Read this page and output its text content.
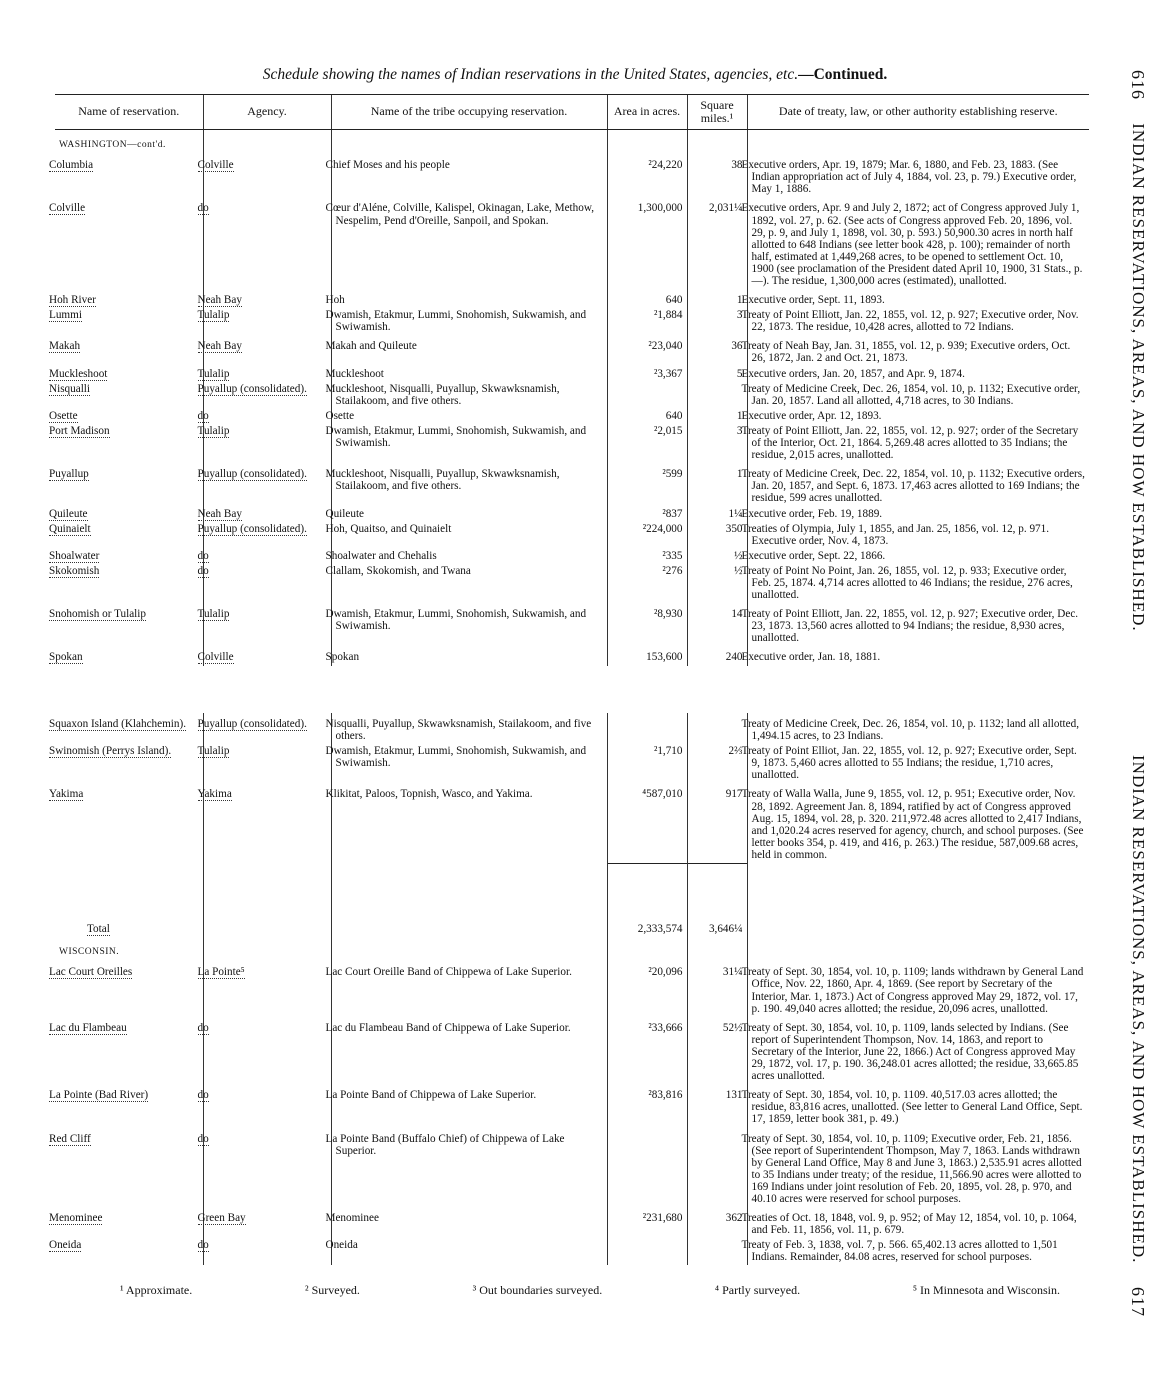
Schedule showing the names of Indian reservations in the United States, agencies, etc.—Continued.	616 INDIAN RESERVATIONS, AREAS, AND HOW ESTABLISHED.
INDIAN RESERVATIONS, AREAS, AND HOW ESTABLISHED. 617
Name of reservation.	Agency.	Name of the tribe occupying reservation.	Area in acres.	Square miles.¹	Date of treaty, law, or other authority establishing reserve.
WASHINGTON—cont'd.					
Columbia	Colville	Chief Moses and his people	²24,220	38	Executive orders, Apr. 19, 1879; Mar. 6, 1880, and Feb. 23, 1883. (See Indian appropriation act of July 4, 1884, vol. 23, p. 79.) Executive order, May 1, 1886.
Colville	do	Cœur d'Aléne, Colville, Kalispel, Okinagan, Lake, Methow, Nespelim, Pend d'Oreille, Sanpoil, and Spokan.	1,300,000	2,031¼	Executive orders, Apr. 9 and July 2, 1872; act of Congress approved July 1, 1892, vol. 27, p. 62. (See acts of Congress approved Feb. 20, 1896, vol. 29, p. 9, and July 1, 1898, vol. 30, p. 593.) 50,900.30 acres in north half allotted to 648 Indians (see letter book 428, p. 100); remainder of north half, estimated at 1,449,268 acres, to be opened to settlement Oct. 10, 1900 (see proclamation of the President dated April 10, 1900, 31 Stats., p. —). The residue, 1,300,000 acres (estimated), unallotted.
Hoh River	Neah Bay	Hoh	640	1	Executive order, Sept. 11, 1893.
Lummi	Tulalip	Dwamish, Etakmur, Lummi, Snohomish, Sukwamish, and Swiwamish.	²1,884	3	Treaty of Point Elliott, Jan. 22, 1855, vol. 12, p. 927; Executive order, Nov. 22, 1873. The residue, 10,428 acres, allotted to 72 Indians.
Makah	Neah Bay	Makah and Quileute	²23,040	36	Treaty of Neah Bay, Jan. 31, 1855, vol. 12, p. 939; Executive orders, Oct. 26, 1872, Jan. 2 and Oct. 21, 1873.
Muckleshoot	Tulalip	Muckleshoot	²3,367	5	Executive orders, Jan. 20, 1857, and Apr. 9, 1874.
Nisqualli	Puyallup (consolidated).	Muckleshoot, Nisqualli, Puyallup, Skwawksnamish, Stailakoom, and five others.			Treaty of Medicine Creek, Dec. 26, 1854, vol. 10, p. 1132; Executive order, Jan. 20, 1857. Land all allotted, 4,718 acres, to 30 Indians.
Osette	do	Osette	640	1	Executive order, Apr. 12, 1893.
Port Madison	Tulalip	Dwamish, Etakmur, Lummi, Snohomish, Sukwamish, and Swiwamish.	²2,015	3	Treaty of Point Elliott, Jan. 22, 1855, vol. 12, p. 927; order of the Secretary of the Interior, Oct. 21, 1864. 5,269.48 acres allotted to 35 Indians; the residue, 2,015 acres, unallotted.
Puyallup	Puyallup (consolidated).	Muckleshoot, Nisqualli, Puyallup, Skwawksnamish, Stailakoom, and five others.	²599	1	Treaty of Medicine Creek, Dec. 22, 1854, vol. 10, p. 1132; Executive orders, Jan. 20, 1857, and Sept. 6, 1873. 17,463 acres allotted to 169 Indians; the residue, 599 acres unallotted.
Quileute	Neah Bay	Quileute	²837	1¼	Executive order, Feb. 19, 1889.
Quinaielt	Puyallup (consolidated).	Hoh, Quaitso, and Quinaielt	²224,000	350	Treaties of Olympia, July 1, 1855, and Jan. 25, 1856, vol. 12, p. 971. Executive order, Nov. 4, 1873.
Shoalwater	do	Shoalwater and Chehalis	²335	½	Executive order, Sept. 22, 1866.
Skokomish	do	Clallam, Skokomish, and Twana	²276	½	Treaty of Point No Point, Jan. 26, 1855, vol. 12, p. 933; Executive order, Feb. 25, 1874. 4,714 acres allotted to 46 Indians; the residue, 276 acres, unallotted.
Snohomish or Tulalip	Tulalip	Dwamish, Etakmur, Lummi, Snohomish, Sukwamish, and Swiwamish.	²8,930	14	Treaty of Point Elliott, Jan. 22, 1855, vol. 12, p. 927; Executive order, Dec. 23, 1873. 13,560 acres allotted to 94 Indians; the residue, 8,930 acres, unallotted.
Spokan	Colville	Spokan	153,600	240	Executive order, Jan. 18, 1881.
Squaxon Island (Klahchemin).	Puyallup (consolidated).	Nisqualli, Puyallup, Skwawksnamish, Stailakoom, and five others.			Treaty of Medicine Creek, Dec. 26, 1854, vol. 10, p. 1132; land all allotted, 1,494.15 acres, to 23 Indians.
Swinomish (Perrys Island).	Tulalip	Dwamish, Etakmur, Lummi, Snohomish, Sukwamish, and Swiwamish.	²1,710	2⅔	Treaty of Point Elliot, Jan. 22, 1855, vol. 12, p. 927; Executive order, Sept. 9, 1873. 5,460 acres allotted to 55 Indians; the residue, 1,710 acres, unallotted.
Yakima	Yakima	Klikitat, Paloos, Topnish, Wasco, and Yakima.	⁴587,010	917	Treaty of Walla Walla, June 9, 1855, vol. 12, p. 951; Executive order, Nov. 28, 1892. Agreement Jan. 8, 1894, ratified by act of Congress approved Aug. 15, 1894, vol. 28, p. 320. 211,972.48 acres allotted to 2,417 Indians, and 1,020.24 acres reserved for agency, church, and school purposes. (See letter books 354, p. 419, and 416, p. 263.) The residue, 587,009.68 acres, held in common.
Total			2,333,574	3,646¼	
WISCONSIN.					
Lac Court Oreilles	La Pointe⁵	Lac Court Oreille Band of Chippewa of Lake Superior.	²20,096	31¼	Treaty of Sept. 30, 1854, vol. 10, p. 1109; lands withdrawn by General Land Office, Nov. 22, 1860, Apr. 4, 1869. (See report by Secretary of the Interior, Mar. 1, 1873.) Act of Congress approved May 29, 1872, vol. 17, p. 190. 49,040 acres allotted; the residue, 20,096 acres, unallotted.
Lac du Flambeau	do	Lac du Flambeau Band of Chippewa of Lake Superior.	²33,666	52½	Treaty of Sept. 30, 1854, vol. 10, p. 1109, lands selected by Indians. (See report of Superintendent Thompson, Nov. 14, 1863, and report to Secretary of the Interior, June 22, 1866.) Act of Congress approved May 29, 1872, vol. 17, p. 190. 36,248.01 acres allotted; the residue, 33,665.85 acres unallotted.
La Pointe (Bad River)	do	La Pointe Band of Chippewa of Lake Superior.	²83,816	131	Treaty of Sept. 30, 1854, vol. 10, p. 1109. 40,517.03 acres allotted; the residue, 83,816 acres, unallotted. (See letter to General Land Office, Sept. 17, 1859, letter book 381, p. 49.)
Red Cliff	do	La Pointe Band (Buffalo Chief) of Chippewa of Lake Superior.			Treaty of Sept. 30, 1854, vol. 10, p. 1109; Executive order, Feb. 21, 1856. (See report of Superintendent Thompson, May 7, 1863. Lands withdrawn by General Land Office, May 8 and June 3, 1863.) 2,535.91 acres allotted to 35 Indians under treaty; of the residue, 11,566.90 acres were allotted to 169 Indians under joint resolution of Feb. 20, 1895, vol. 28, p. 970, and 40.10 acres were reserved for school purposes.
Menominee	Green Bay	Menominee	²231,680	362	Treaties of Oct. 18, 1848, vol. 9, p. 952; of May 12, 1854, vol. 10, p. 1064, and Feb. 11, 1856, vol. 11, p. 679.
Oneida	do	Oneida			Treaty of Feb. 3, 1838, vol. 7, p. 566. 65,402.13 acres allotted to 1,501 Indians. Remainder, 84.08 acres, reserved for school purposes.
¹ Approximate.	² Surveyed.	³ Out boundaries surveyed.	⁴ Partly surveyed.	⁵ In Minnesota and Wisconsin.
